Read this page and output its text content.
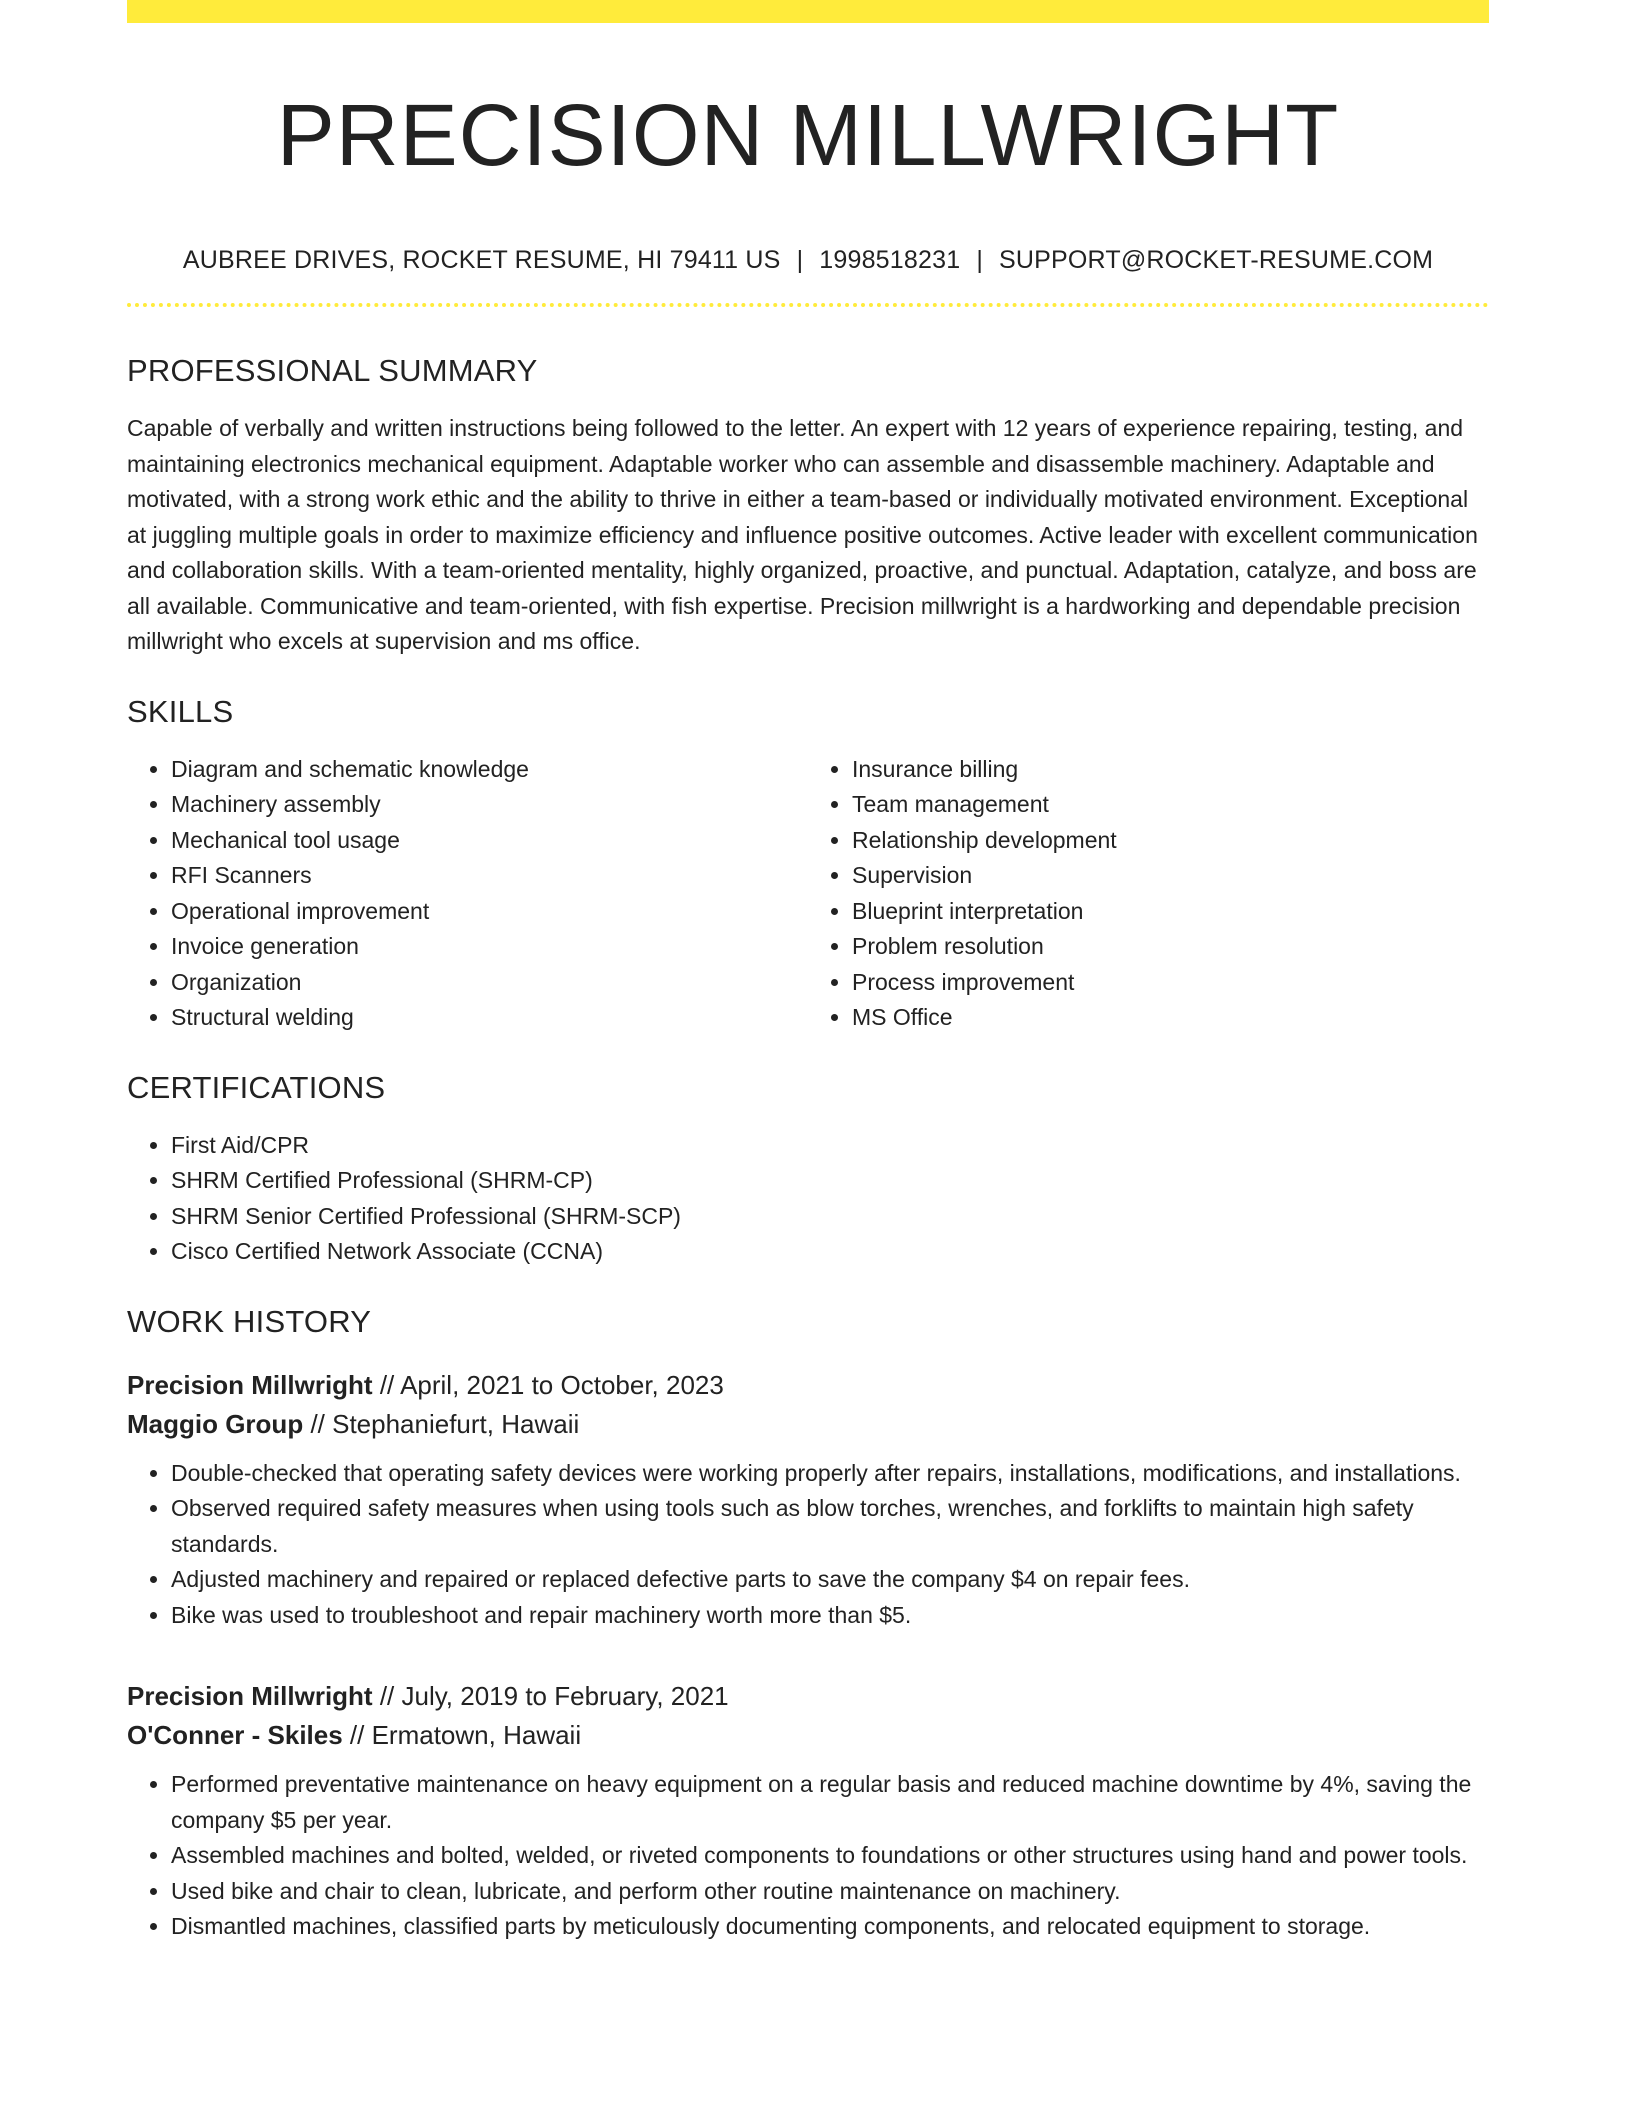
PRECISION MILLWRIGHT
AUBREE DRIVES, ROCKET RESUME, HI 79411 US | 1998518231 | SUPPORT@ROCKET-RESUME.COM
PROFESSIONAL SUMMARY

Capable of verbally and written instructions being followed to the letter. An expert with 12 years of experience repairing, testing, and maintaining electronics mechanical equipment. Adaptable worker who can assemble and disassemble machinery. Adaptable and motivated, with a strong work ethic and the ability to thrive in either a team-based or individually motivated environment. Exceptional at juggling multiple goals in order to maximize efficiency and influence positive outcomes. Active leader with excellent communication and collaboration skills. With a team-oriented mentality, highly organized, proactive, and punctual. Adaptation, catalyze, and boss are all available. Communicative and team-oriented, with fish expertise. Precision millwright is a hardworking and dependable precision millwright who excels at supervision and ms office.

SKILLS
• Diagram and schematic knowledge
• Machinery assembly
• Mechanical tool usage
• RFI Scanners
• Operational improvement
• Invoice generation
• Organization
• Structural welding
• Insurance billing
• Team management
• Relationship development
• Supervision
• Blueprint interpretation
• Problem resolution
• Process improvement
• MS Office
CERTIFICATIONS
• First Aid/CPR
• SHRM Certified Professional (SHRM-CP)
• SHRM Senior Certified Professional (SHRM-SCP)
• Cisco Certified Network Associate (CCNA)
WORK HISTORY
Precision Millwright // April, 2021 to October, 2023
Maggio Group // Stephaniefurt, Hawaii
• Double-checked that operating safety devices were working properly after repairs, installations, modifications, and installations.
• Observed required safety measures when using tools such as blow torches, wrenches, and forklifts to maintain high safety standards.
• Adjusted machinery and repaired or replaced defective parts to save the company $4 on repair fees.
• Bike was used to troubleshoot and repair machinery worth more than $5.
Precision Millwright // July, 2019 to February, 2021
O'Conner - Skiles // Ermatown, Hawaii
• Performed preventative maintenance on heavy equipment on a regular basis and reduced machine downtime by 4%, saving the company $5 per year.
• Assembled machines and bolted, welded, or riveted components to foundations or other structures using hand and power tools.
• Used bike and chair to clean, lubricate, and perform other routine maintenance on machinery.
• Dismantled machines, classified parts by meticulously documenting components, and relocated equipment to storage.
